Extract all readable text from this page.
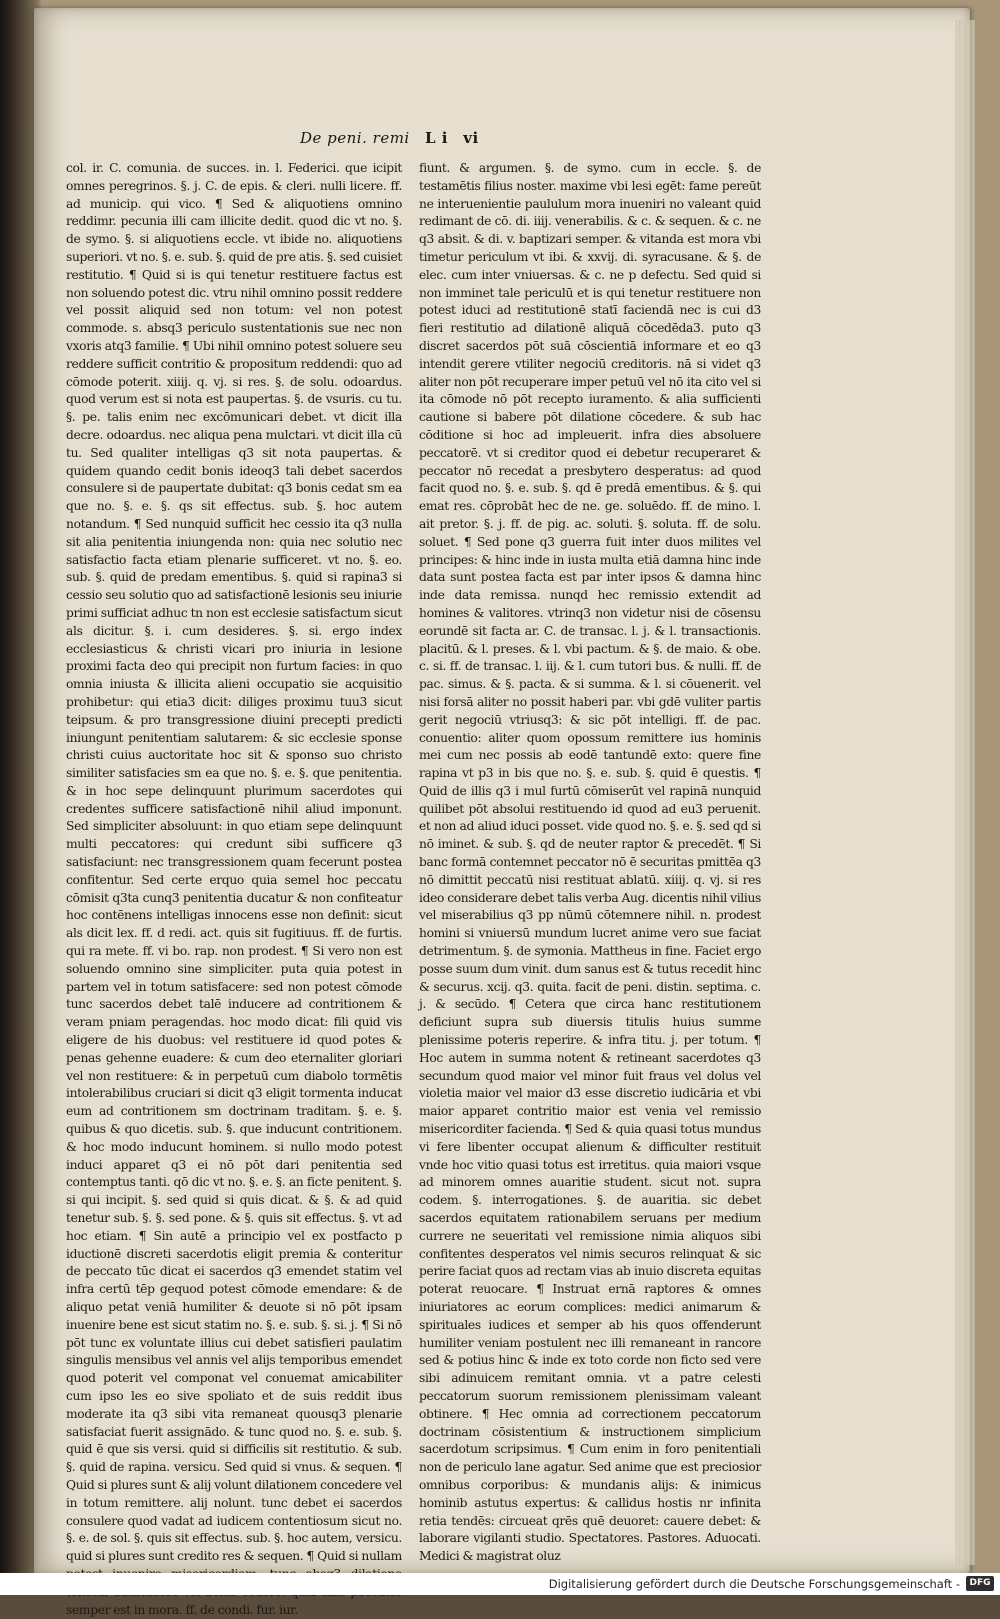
De peni. remi L i vi

col. ir. C. comunia. de succes. in. l. Federici. que icipit omnes peregrinos. §. j. C. de epis. & cleri. nulli licere. ff. ad municip. qui vico. ¶ Sed & aliquotiens omnino reddimr. pecunia illi cam illicite dedit. quod dic vt no. §. de symo. §. si aliquotiens eccle. vt ibide no. aliquotiens superiori. vt no. §. e. sub. §. quid de pre atis. §. sed cuisiet restitutio. ¶ Quid si is qui tenetur restituere factus est non soluendo potest dic. vtru nihil omnino possit reddere vel possit aliquid sed non totum: vel non potest commode. s. absq3 periculo sustentationis sue nec non vxoris atq3 familie. ¶ Ubi nihil omnino potest soluere seu reddere sufficit contritio & propositum reddendi: quo ad cōmode poterit. xiiij. q. vj. si res. §. de solu. odoardus. quod verum est si nota est paupertas. §. de vsuris. cu tu. §. pe. talis enim nec excōmunicari debet. vt dicit illa decre. odoardus. nec aliqua pena mulctari. vt dicit illa cū tu. Sed qualiter intelligas q3 sit nota paupertas. & quidem quando cedit bonis ideoq3 tali debet sacerdos consulere si de paupertate dubitat: q3 bonis cedat sm ea que no. §. e. §. qs sit effectus. sub. §. hoc autem notandum. ¶ Sed nunquid sufficit hec cessio ita q3 nulla sit alia penitentia iniungenda non: quia nec solutio nec satisfactio facta etiam plenarie sufficeret. vt no. §. eo. sub. §. quid de predam ementibus. §. quid si rapina3 si cessio seu solutio quo ad satisfactionē lesionis seu iniurie primi sufficiat adhuc tn non est ecclesie satisfactum sicut als dicitur. §. i. cum desideres. §. si. ergo index ecclesiasticus & christi vicari pro iniuria in lesione proximi facta deo qui precipit non furtum facies: in quo omnia iniusta & illicita alieni occupatio sie acquisitio prohibetur: qui etia3 dicit: diliges proximu tuu3 sicut teipsum. & pro transgressione diuini precepti predicti iniungunt penitentiam salutarem: & sic ecclesie sponse christi cuius auctoritate hoc sit & sponso suo christo similiter satisfacies sm ea que no. §. e. §. que penitentia. & in hoc sepe delinquunt plurimum sacerdotes qui credentes sufficere satisfactionē nihil aliud imponunt. Sed simpliciter absoluunt: in quo etiam sepe delinquunt multi peccatores: qui credunt sibi sufficere q3 satisfaciunt: nec transgressionem quam fecerunt postea confitentur. Sed certe erquo quia semel hoc peccatu cōmisit q3ta cunq3 penitentia ducatur & non confiteatur hoc contēnens intelligas innocens esse non definit: sicut als dicit lex. ff. d redi. act. quis sit fugitiuus. ff. de furtis. qui ra mete. ff. vi bo. rap. non prodest. ¶ Si vero non est soluendo omnino sine simpliciter. puta quia potest in partem vel in totum satisfacere: sed non potest cōmode tunc sacerdos debet talē inducere ad contritionem & veram pniam peragendas. hoc modo dicat: fili quid vis eligere de his duobus: vel restituere id quod potes & penas gehenne euadere: & cum deo eternaliter gloriari vel non restituere: & in perpetuū cum diabolo tormētis intolerabilibus cruciari si dicit q3 eligit tormenta inducat eum ad contritionem sm doctrinam traditam. §. e. §. quibus & quo dicetis. sub. §. que inducunt contritionem. & hoc modo inducunt hominem. si nullo modo potest induci apparet q3 ei nō pōt dari penitentia sed contemptus tanti. qō dic vt no. §. e. §. an ficte penitent. §. si qui incipit. §. sed quid si quis dicat. & §. & ad quid tenetur sub. §. §. sed pone. & §. quis sit effectus. §. vt ad hoc etiam. ¶ Sin autē a principio vel ex postfacto p iductionē discreti sacerdotis eligit premia & conteritur de peccato tūc dicat ei sacerdos q3 emendet statim vel infra certū tēp gequod potest cōmode emendare: & de aliquo petat veniā humiliter & deuote si nō pōt ipsam inuenire bene est sicut statim no. §. e. sub. §. si. j. ¶ Si nō pōt tunc ex voluntate illius cui debet satisfieri paulatim singulis mensibus vel annis vel alijs temporibus emendet quod poterit vel componat vel conuemat amicabiliter cum ipso les eo sive spoliato et de suis reddit ibus moderate ita q3 sibi vita remaneat quousq3 plenarie satisfaciat fuerit assignādo. & tunc quod no. §. e. sub. §. quid ē que sis versi. quid si difficilis sit restitutio. & sub. §. quid de rapina. versicu. Sed quid si vnus. & sequen. ¶ Quid si plures sunt & alij volunt dilationem concedere vel in totum remittere. alij nolunt. tunc debet ei sacerdos consulere quod vadat ad iudicem contentiosum sicut no. §. e. de sol. §. quis sit effectus. sub. §. hoc autem, versicu. quid si plures sunt credito res & sequen. ¶ Quid si nullam semper est in mora. ff. de condi. fur. iur.

fiunt. & argumen. §. de symo. cum in eccle. §. de testamētis filius noster. maxime vbi lesi egēt: fame pereūt ne interuenientie paululum mora inueniri no valeant quid redimant de cō. di. iiij. venerabilis. & c. & sequen. & c. ne q3 absit. & di. v. baptizari semper. & vitanda est mora vbi timetur periculum vt ibi. & xxvij. di. syracusane. & §. de elec. cum inter vniuersas. & c. ne p defectu. Sed quid si non imminet tale periculū et is qui tenetur restituere non potest iduci ad restitutionē statī faciendā nec is cui d3 fieri restitutio ad dilationē aliquā cōcedēda3. puto q3 discret sacerdos pōt suā cōscientiā informare et eo q3 intendit gerere vtiliter negociū creditoris. nā si videt q3 aliter non pōt recuperare imper petuū vel nō ita cito vel si ita cōmode nō pōt recepto iuramento. & alia sufficienti cautione si babere pōt dilatione cōcedere. & sub hac cōditione si hoc ad impleuerit. infra dies absoluere peccatorē. vt si creditor quod ei debetur recuperaret & peccator nō recedat a presbytero desperatus: ad quod facit quod no. §. e. sub. §. qd ē predā ementibus. & §. qui emat res. cōprobāt hec de ne. ge. soluēdo. ff. de mino. l. ait pretor. §. j. ff. de pig. ac. soluti. §. soluta. ff. de solu. soluet. ¶ Sed pone q3 guerra fuit inter duos milites vel principes: & hinc inde in iusta multa etiā damna hinc inde data sunt postea facta est par inter ipsos & damna hinc inde data remissa. nunqd hec remissio extendit ad homines & valitores. vtrinq3 non videtur nisi de cōsensu eorundē sit facta ar. C. de transac. l. j. & l. transactionis. placitū. & l. preses. & l. vbi pactum. & §. de maio. & obe. c. si. ff. de transac. l. iij. & l. cum tutori bus. & nulli. ff. de pac. simus. & §. pacta. & si summa. & l. si cōuenerit. vel nisi forsā aliter no possit haberi par. vbi gdē vuliter partis gerit negociū vtriusq3: & sic pōt intelligi. ff. de pac. conuentio: aliter quom opossum remittere ius hominis mei cum nec possis ab eodē tantundē exto: quere fine rapina vt p3 in bis que no. §. e. sub. §. quid ē questis. ¶ Quid de illis q3 i mul furtū cōmiserūt vel rapinā nunquid quilibet pōt absolui restituendo id quod ad eu3 peruenit. et non ad aliud iduci posset. vide quod no. §. e. §. sed qd si nō iminet. & sub. §. qd de neuter raptor & precedēt. ¶ Si banc formā contemnet peccator nō ē securitas pmittēa q3 nō dimittit peccatū nisi restituat ablatū. xiiij. q. vj. si res ideo considerare debet talis verba Aug. dicentis nihil vilius vel miserabilius q3 pp nūmū cōtemnere nihil. n. prodest homini si vniuersū mundum lucret anime vero sue faciat detrimentum. §. de symonia. Mattheus in fine. Faciet ergo posse suum dum vinit. dum sanus est & tutus recedit hinc & securus. xcij. q3. quita. facit de peni. distin. septima. c. j. & secūdo. ¶ Cetera que circa hanc restitutionem deficiunt supra sub diuersis titulis huius summe plenissime poteris reperire. & infra titu. j. per totum. ¶ Hoc autem in summa notent & retineant sacerdotes q3 secundum quod maior vel minor fuit fraus vel dolus vel violetia maior vel maior d3 esse discretio iudicāria et vbi maior apparet contritio maior est venia vel remissio misericorditer facienda. ¶ Sed & quia quasi totus mundus vi fere libenter occupat alienum & difficulter restituit vnde hoc vitio quasi totus est irretitus. quia maiori vsque ad minorem omnes auaritie student. sicut not. supra codem. §. interrogationes. §. de auaritia. sic debet sacerdos equitatem rationabilem seruans per medium currere ne seueritati vel remissione nimia aliquos sibi confitentes desperatos vel nimis securos relinquat & sic perire faciat quos ad rectam vias ab inuio discreta equitas poterat reuocare. ¶ Instruat ernā raptores & omnes iniuriatores ac eorum complices: medici animarum & spirituales iudices et semper ab his quos offenderunt humiliter veniam postulent nec illi remaneant in rancore sed & potius hinc & inde ex toto corde non ficto sed vere sibi adinuicem remitant omnia. vt a patre celesti peccatorum suorum remissionem plenissimam valeant obtinere. ¶ Hec omnia ad correctionem peccatorum doctrinam cōsistentium & instructionem simplicium sacerdotum scripsimus. ¶ Cum enim in foro penitentiali non de periculo lane agatur. Sed anime que est preciosior omnibus corporibus: & mundanis alijs: & inimicus hominib astutus expertus: & callidus hostis nr infinita retia tendēs: circueat qrēs quē deuoret: cauere debet: & laborare vigilanti studio. Spectatores. Pastores. Aduocati. Medici & magistrat oluz

Digitalisierung gefördert durch die Deutsche Forschungsgemeinschaft -	DFG
